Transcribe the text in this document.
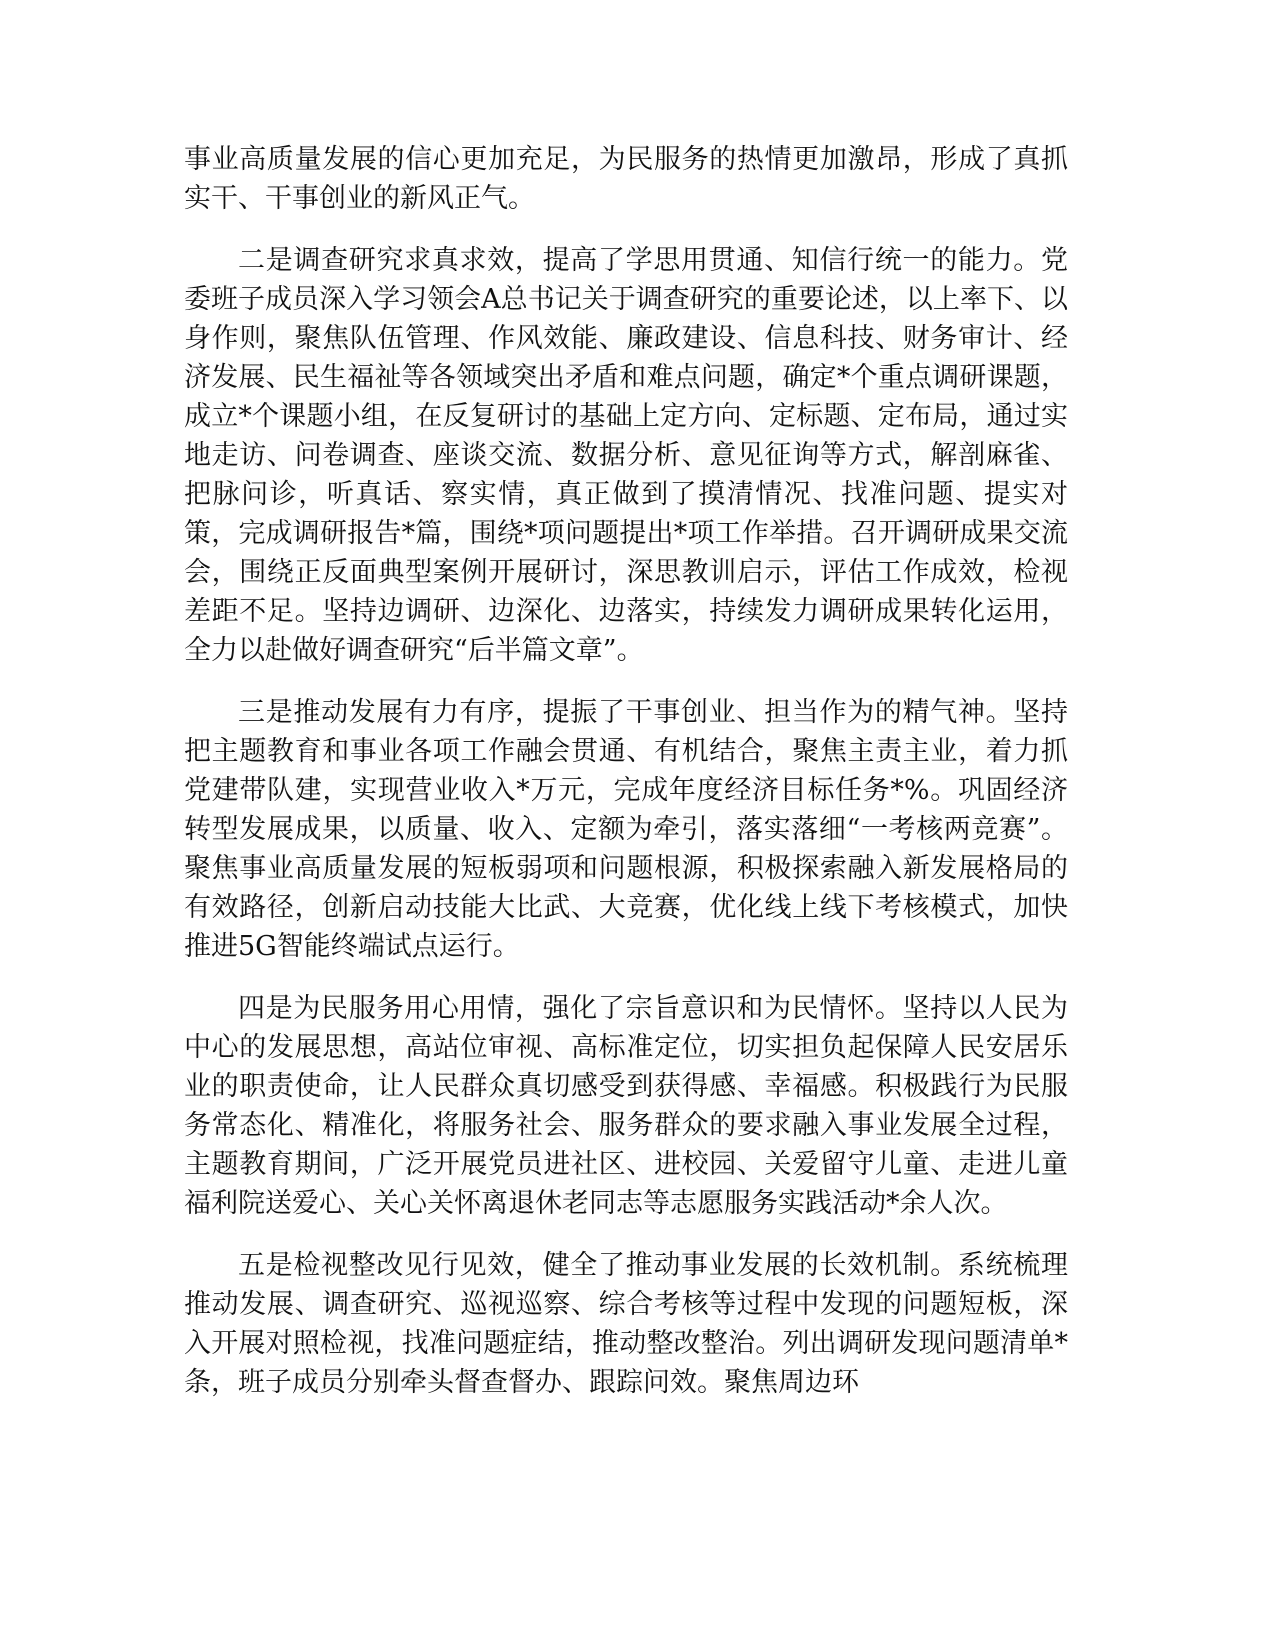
事业高质量发展的信心更加充足，为民服务的热情更加激昂，形成了真抓实干、干事创业的新风正气。

二是调查研究求真求效，提高了学思用贯通、知信行统一的能力。党委班子成员深入学习领会A总书记关于调查研究的重要论述，以上率下、以身作则，聚焦队伍管理、作风效能、廉政建设、信息科技、财务审计、经济发展、民生福祉等各领域突出矛盾和难点问题，确定*个重点调研课题，成立*个课题小组，在反复研讨的基础上定方向、定标题、定布局，通过实地走访、问卷调查、座谈交流、数据分析、意见征询等方式，解剖麻雀、把脉问诊，听真话、察实情，真正做到了摸清情况、找准问题、提实对策，完成调研报告*篇，围绕*项问题提出*项工作举措。召开调研成果交流会，围绕正反面典型案例开展研讨，深思教训启示，评估工作成效，检视差距不足。坚持边调研、边深化、边落实，持续发力调研成果转化运用，全力以赴做好调查研究“后半篇文章”。

三是推动发展有力有序，提振了干事创业、担当作为的精气神。坚持把主题教育和事业各项工作融会贯通、有机结合，聚焦主责主业，着力抓党建带队建，实现营业收入*万元，完成年度经济目标任务*%。巩固经济转型发展成果，以质量、收入、定额为牵引，落实落细“一考核两竞赛”。聚焦事业高质量发展的短板弱项和问题根源，积极探索融入新发展格局的有效路径，创新启动技能大比武、大竞赛，优化线上线下考核模式，加快推进5G智能终端试点运行。

四是为民服务用心用情，强化了宗旨意识和为民情怀。坚持以人民为中心的发展思想，高站位审视、高标准定位，切实担负起保障人民安居乐业的职责使命，让人民群众真切感受到获得感、幸福感。积极践行为民服务常态化、精准化，将服务社会、服务群众的要求融入事业发展全过程，主题教育期间，广泛开展党员进社区、进校园、关爱留守儿童、走进儿童福利院送爱心、关心关怀离退休老同志等志愿服务实践活动*余人次。

五是检视整改见行见效，健全了推动事业发展的长效机制。系统梳理推动发展、调查研究、巡视巡察、综合考核等过程中发现的问题短板，深入开展对照检视，找准问题症结，推动整改整治。列出调研发现问题清单*条，班子成员分别牵头督查督办、跟踪问效。聚焦周边环
